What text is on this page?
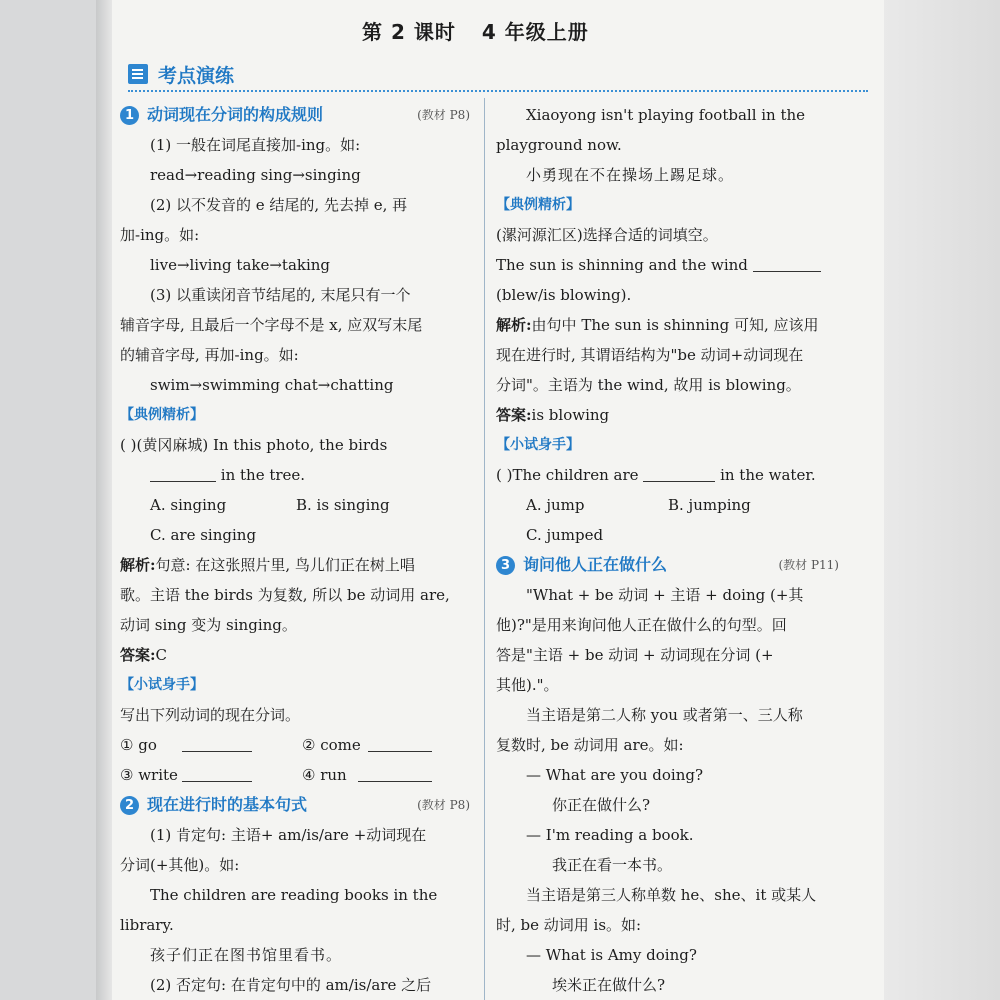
第 2 课时 4 年级上册
考点演练
1 动词现在分词的构成规则	(教材 P8)
(1) 一般在词尾直接加-ing。如:
read→reading sing→singing
(2) 以不发音的 e 结尾的, 先去掉 e, 再
加-ing。如:
live→living take→taking
(3) 以重读闭音节结尾的, 末尾只有一个
辅音字母, 且最后一个字母不是 x, 应双写末尾
的辅音字母, 再加-ing。如:
swim→swimming chat→chatting
【典例精析】
( )(黄冈麻城) In this photo, the birds
in the tree.
A. singing	B. is singing
C. are singing
解析:句意: 在这张照片里, 鸟儿们正在树上唱
歌。主语 the birds 为复数, 所以 be 动词用 are,
动词 sing 变为 singing。
答案:C
【小试身手】
写出下列动词的现在分词。
① go	② come
③ write	④ run
2 现在进行时的基本句式	(教材 P8)
(1) 肯定句: 主语+ am/is/are +动词现在
分词(+其他)。如:
The children are reading books in the
library.
孩子们正在图书馆里看书。
(2) 否定句: 在肯定句中的 am/is/are 之后
Xiaoyong isn't playing football in the
playground now.
小勇现在不在操场上踢足球。
【典例精析】
(漯河源汇区)选择合适的词填空。
The sun is shinning and the wind
(blew/is blowing).
解析:由句中 The sun is shinning 可知, 应该用
现在进行时, 其谓语结构为"be 动词+动词现在
分词"。主语为 the wind, 故用 is blowing。
答案:is blowing
【小试身手】
( )The children are	in the water.
A. jump	B. jumping
C. jumped
3 询问他人正在做什么	(教材 P11)
"What + be 动词 + 主语 + doing (+其
他)?"是用来询问他人正在做什么的句型。回
答是"主语 + be 动词 + 动词现在分词 (+
其他)."。
当主语是第二人称 you 或者第一、三人称
复数时, be 动词用 are。如:
— What are you doing?
你正在做什么?
— I'm reading a book.
我正在看一本书。
当主语是第三人称单数 he、she、it 或某人
时, be 动词用 is。如:
— What is Amy doing?
埃米正在做什么?
